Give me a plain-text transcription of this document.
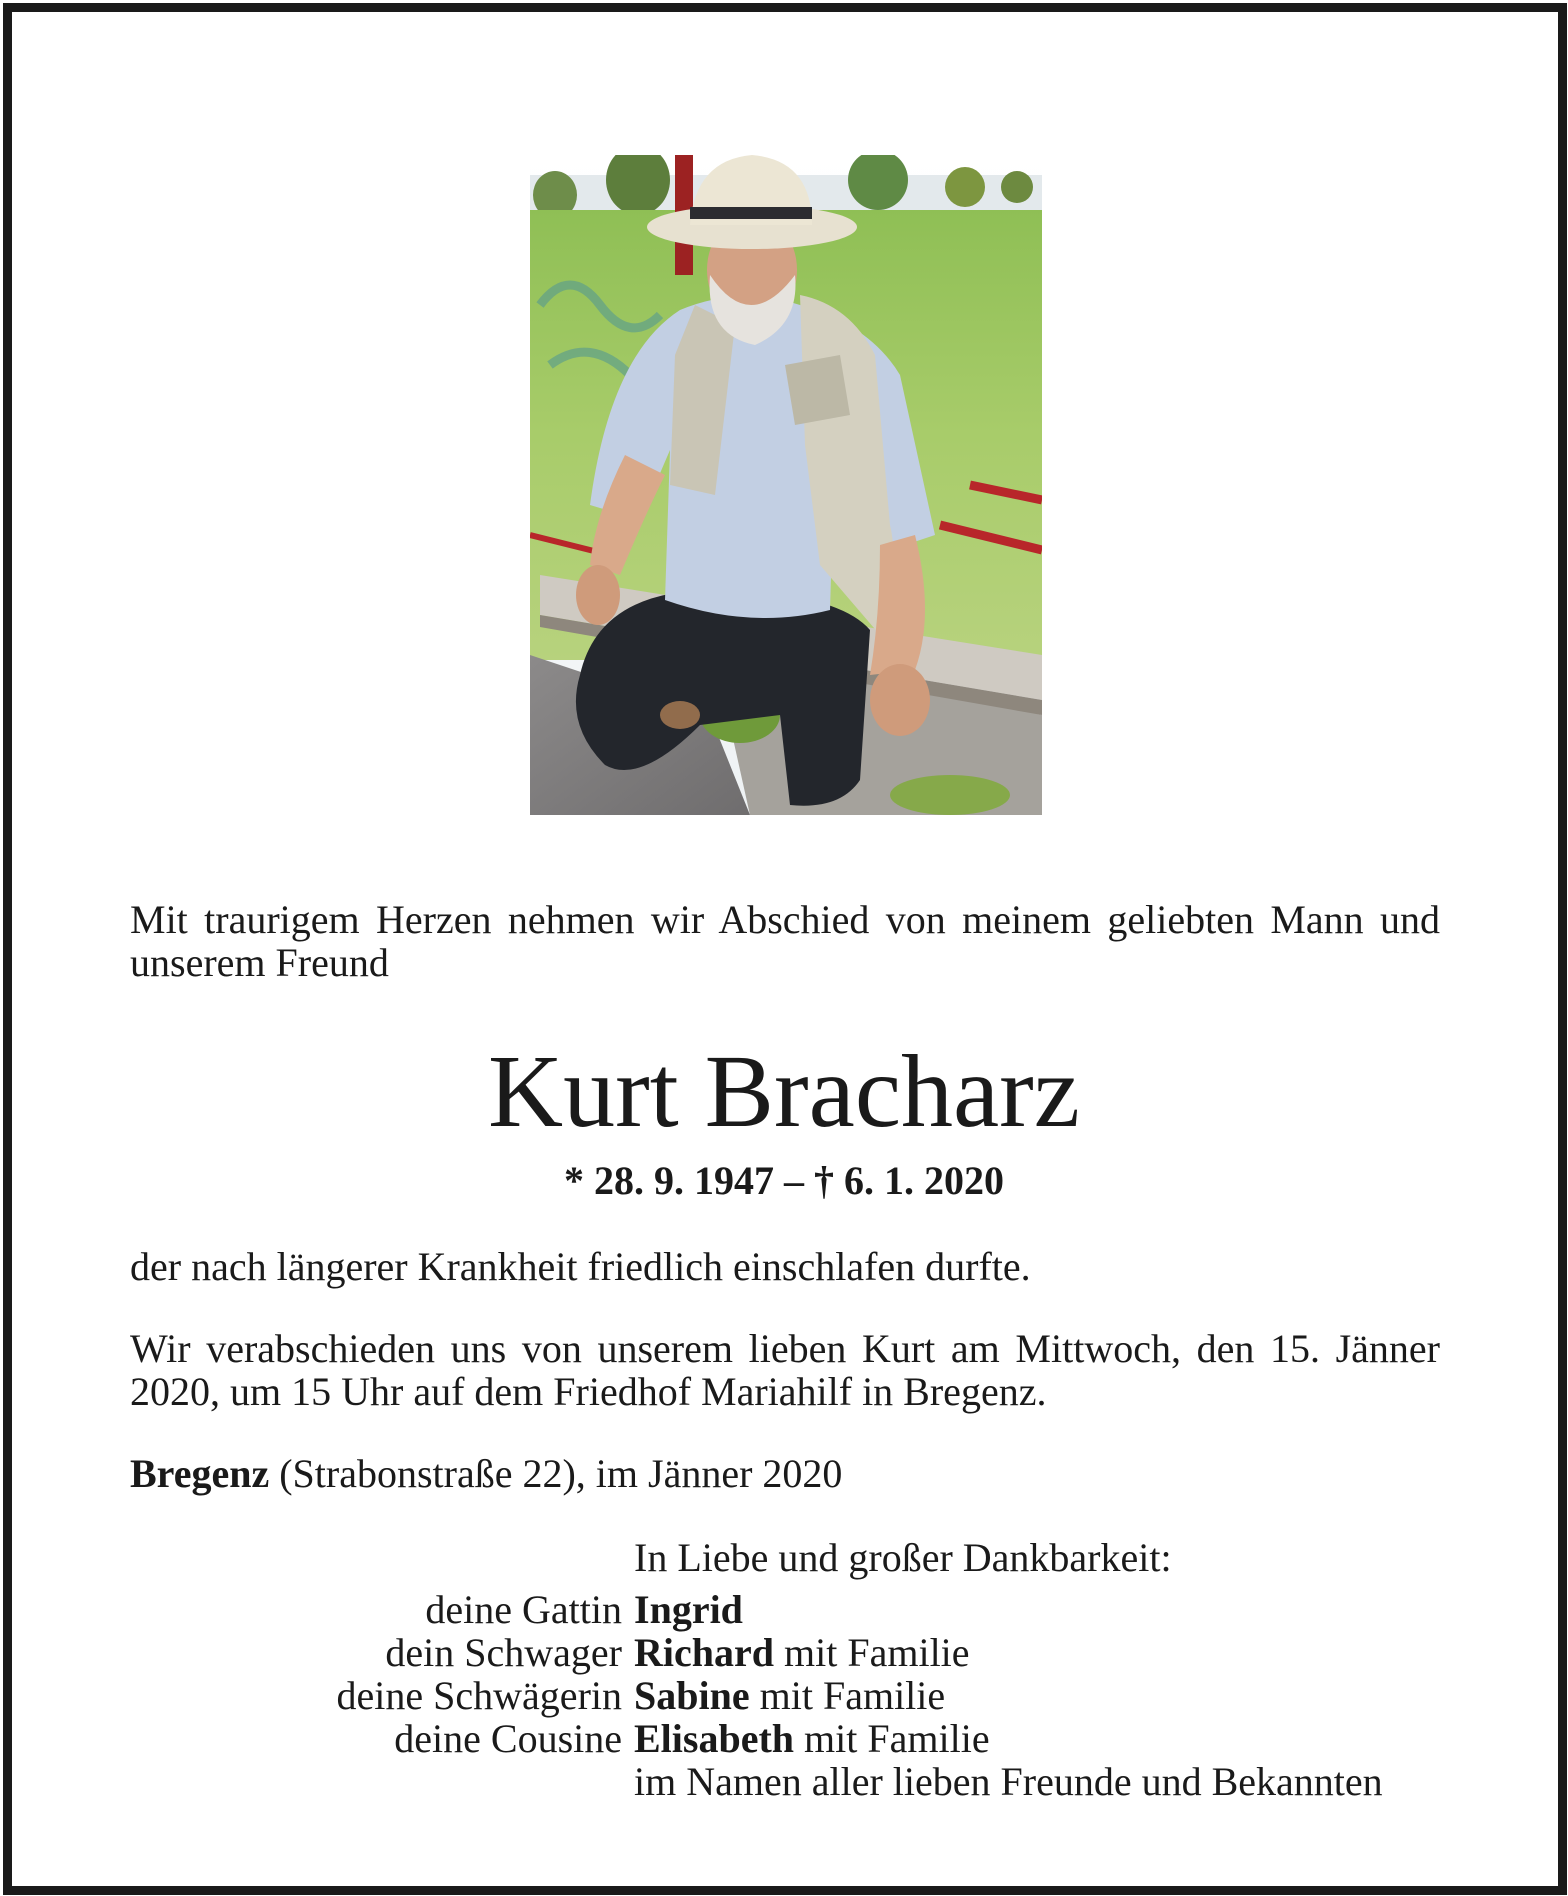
Mit traurigem Herzen nehmen wir Abschied von meinem geliebten Mann und unserem Freund
Kurt Bracharz
* 28. 9. 1947 – † 6. 1. 2020
der nach längerer Krankheit friedlich einschlafen durfte.
Wir verabschieden uns von unserem lieben Kurt am Mittwoch, den 15. Jänner 2020, um 15 Uhr auf dem Friedhof Mariahilf in Bregenz.
Bregenz (Strabonstraße 22), im Jänner 2020
In Liebe und großer Dankbarkeit:
deine Gattin Ingrid
dein Schwager Richard mit Familie
deine Schwägerin Sabine mit Familie
deine Cousine Elisabeth mit Familie
im Namen aller lieben Freunde und Bekannten
